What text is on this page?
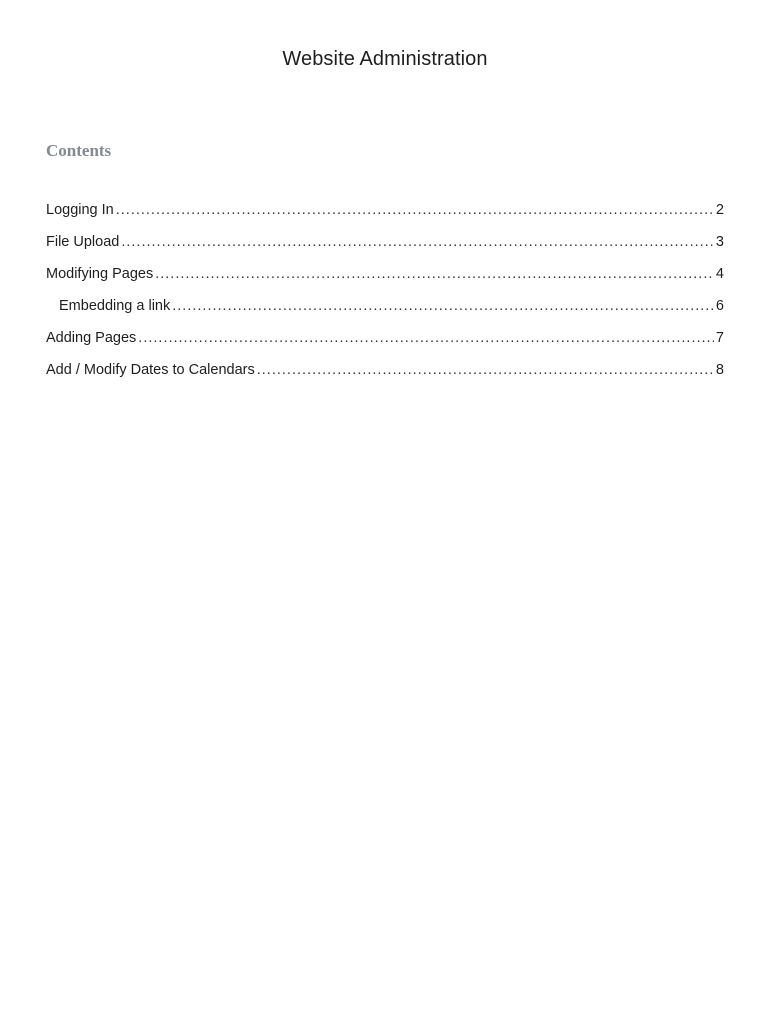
Website Administration
Contents
Logging In .....	2
File Upload .....	3
Modifying Pages .....	4
Embedding a link .....	6
Adding Pages .....	7
Add / Modify Dates to Calendars .....	8
